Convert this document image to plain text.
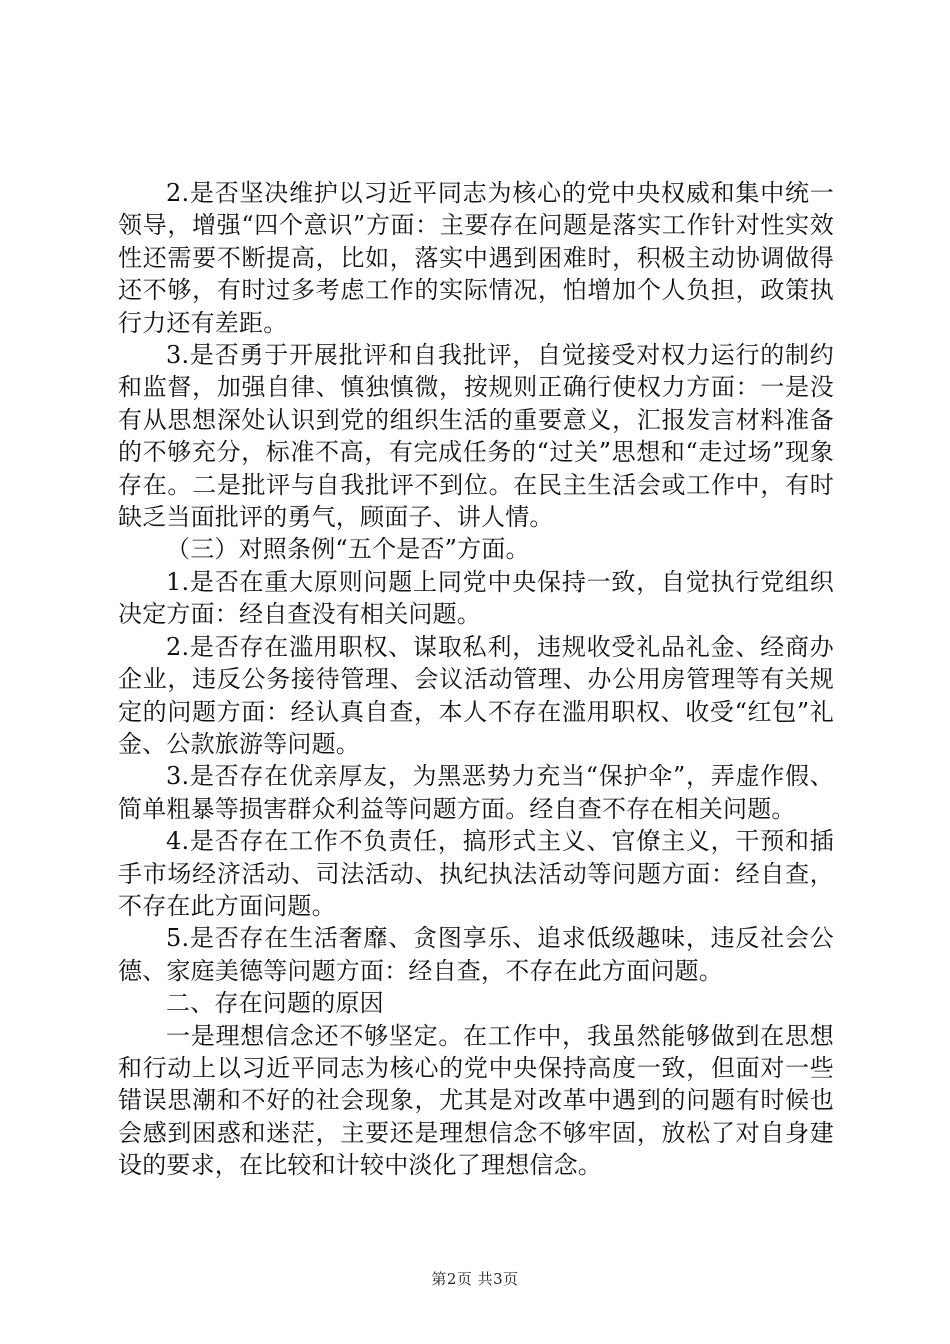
2.是否坚决维护以习近平同志为核心的党中央权威和集中统一领导，增强“四个意识”方面：主要存在问题是落实工作针对性实效性还需要不断提高，比如，落实中遇到困难时，积极主动协调做得还不够，有时过多考虑工作的实际情况，怕增加个人负担，政策执行力还有差距。

3.是否勇于开展批评和自我批评，自觉接受对权力运行的制约和监督，加强自律、慎独慎微，按规则正确行使权力方面：一是没有从思想深处认识到党的组织生活的重要意义，汇报发言材料准备的不够充分，标准不高，有完成任务的“过关”思想和“走过场”现象存在。二是批评与自我批评不到位。在民主生活会或工作中，有时缺乏当面批评的勇气，顾面子、讲人情。

（三）对照条例“五个是否”方面。

1.是否在重大原则问题上同党中央保持一致，自觉执行党组织决定方面：经自查没有相关问题。

2.是否存在滥用职权、谋取私利，违规收受礼品礼金、经商办企业，违反公务接待管理、会议活动管理、办公用房管理等有关规定的问题方面：经认真自查，本人不存在滥用职权、收受“红包”礼金、公款旅游等问题。

3.是否存在优亲厚友，为黑恶势力充当“保护伞”，弄虚作假、简单粗暴等损害群众利益等问题方面。经自查不存在相关问题。

4.是否存在工作不负责任，搞形式主义、官僚主义，干预和插手市场经济活动、司法活动、执纪执法活动等问题方面：经自查，不存在此方面问题。

5.是否存在生活奢靡、贪图享乐、追求低级趣味，违反社会公德、家庭美德等问题方面：经自查，不存在此方面问题。

二、存在问题的原因

一是理想信念还不够坚定。在工作中，我虽然能够做到在思想和行动上以习近平同志为核心的党中央保持高度一致，但面对一些错误思潮和不好的社会现象，尤其是对改革中遇到的问题有时候也会感到困惑和迷茫，主要还是理想信念不够牢固，放松了对自身建设的要求，在比较和计较中淡化了理想信念。

第2页 共3页
